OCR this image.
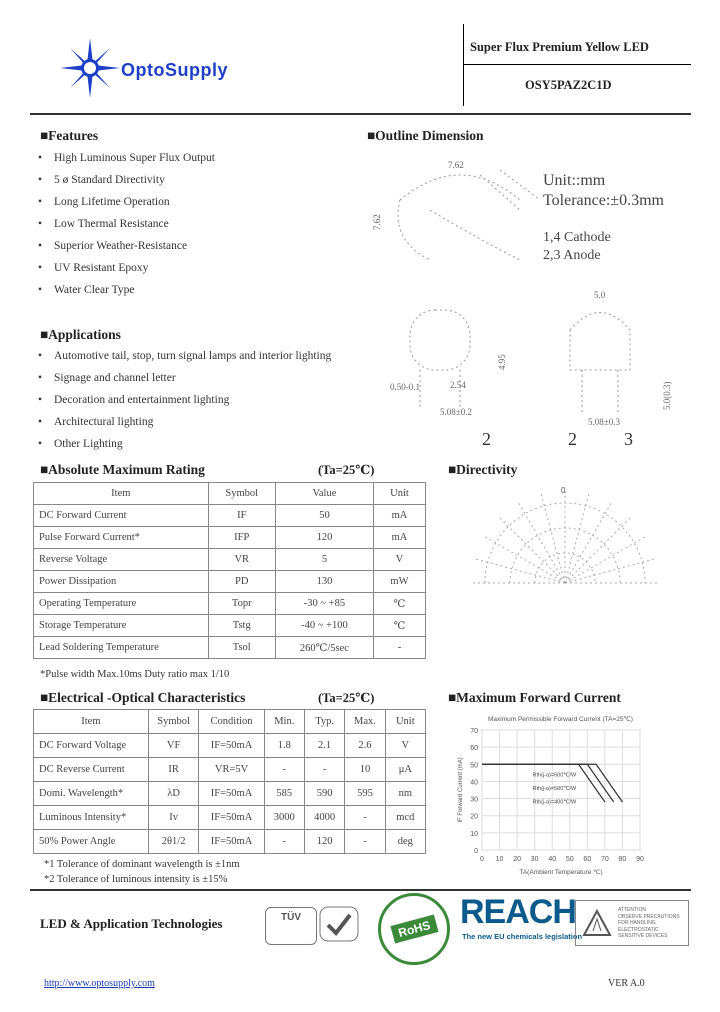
OptoSupply
Super Flux Premium Yellow LED
OSY5PAZ2C1D
■Features
• High Luminous Super Flux Output
• 5 ø Standard Directivity
• Long Lifetime Operation
• Low Thermal Resistance
• Superior Weather-Resistance
• UV Resistant Epoxy
• Water Clear Type
■Applications
• Automotive tail, stop, turn signal lamps and interior lighting
• Signage and channel letter
• Decoration and entertainment lighting
• Architectural lighting
• Other Lighting
■Outline Dimension
7.62
7.62
5.0
0.50-0.1	2.54
5.08±0.2
5.08±0.3
4.95
5.0(0.3)
2	2	3
Unit::mm
Tolerance:±0.3mm
1,4 Cathode
2,3 Anode
■Absolute Maximum Rating	(Ta=25℃)
Item	Symbol	Value	Unit
DC Forward Current	IF	50	mA
Pulse Forward Current*	IFP	120	mA
Reverse Voltage	VR	5	V
Power Dissipation	PD	130	mW
Operating Temperature	Topr	-30 ~ +85	℃
Storage Temperature	Tstg	-40 ~ +100	℃
Lead Soldering Temperature	Tsol	260℃/5sec	-
*Pulse width Max.10ms Duty ratio max 1/10
■Directivity
0
■Electrical -Optical Characteristics	(Ta=25℃)
Item	Symbol	Condition	Min.	Typ.	Max.	Unit
DC Forward Voltage	VF	IF=50mA	1.8	2.1	2.6	V
DC Reverse Current	IR	VR=5V	-	-	10	μA
Domi. Wavelength*	λD	IF=50mA	585	590	595	nm
Luminous Intensity*	Iv	IF=50mA	3000	4000	-	mcd
50% Power Angle	2θ1/2	IF=50mA	-	120	-	deg
*1 Tolerance of dominant wavelength is ±1nm
*2 Tolerance of luminous intensity is ±15%
■Maximum Forward Current
Maximum Permissible Forward Current (TA=25℃)
70
60
50
40
30
20
10
0
0 10 20 30 40 50 60 70 80 90
Rth(j-a)=600℃/W
Rth(j-a)=500℃/W
Rth(j-a)=400℃/W
IF Forward Current (mA)
TA(Ambient Temperature ℃)
LED & Application Technologies	TÜV
RoHS REACH
The new EU chemicals legislation
ATTENTION
OBSERVE PRECAUTIONS
FOR HANDLING
ELECTROSTATIC
SENSITIVE DEVICES
http://www.optosupply.com	VER A.0
